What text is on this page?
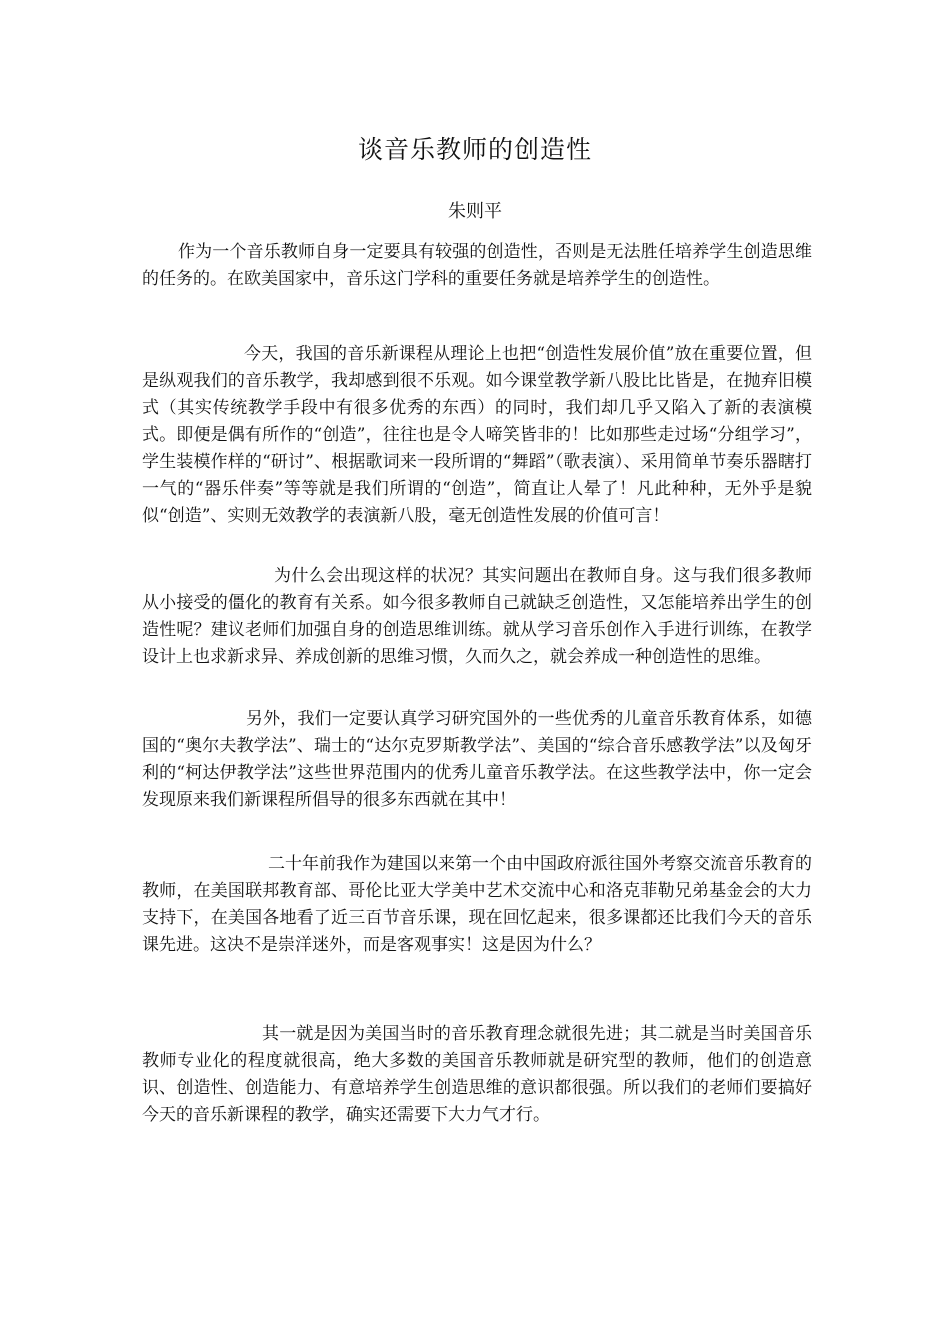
谈音乐教师的创造性
朱则平

作为一个音乐教师自身一定要具有较强的创造性，否则是无法胜任培养学生创造思维的任务的。在欧美国家中，音乐这门学科的重要任务就是培养学生的创造性。

今天，我国的音乐新课程从理论上也把“创造性发展价值”放在重要位置，但是纵观我们的音乐教学，我却感到很不乐观。如今课堂教学新八股比比皆是，在抛弃旧模式（其实传统教学手段中有很多优秀的东西）的同时，我们却几乎又陷入了新的表演模式。即便是偶有所作的“创造”，往往也是令人啼笑皆非的！比如那些走过场“分组学习”，学生装模作样的“研讨”、根据歌词来一段所谓的“舞蹈”（歌表演）、采用简单节奏乐器瞎打一气的“器乐伴奏”等等就是我们所谓的“创造”，简直让人晕了！凡此种种，无外乎是貌似“创造”、实则无效教学的表演新八股，毫无创造性发展的价值可言！

为什么会出现这样的状况？其实问题出在教师自身。这与我们很多教师从小接受的僵化的教育有关系。如今很多教师自己就缺乏创造性，又怎能培养出学生的创造性呢？建议老师们加强自身的创造思维训练。就从学习音乐创作入手进行训练，在教学设计上也求新求异、养成创新的思维习惯，久而久之，就会养成一种创造性的思维。

另外，我们一定要认真学习研究国外的一些优秀的儿童音乐教育体系，如德国的“奥尔夫教学法”、瑞士的“达尔克罗斯教学法”、美国的“综合音乐感教学法”以及匈牙利的“柯达伊教学法”这些世界范围内的优秀儿童音乐教学法。在这些教学法中，你一定会发现原来我们新课程所倡导的很多东西就在其中！

二十年前我作为建国以来第一个由中国政府派往国外考察交流音乐教育的教师，在美国联邦教育部、哥伦比亚大学美中艺术交流中心和洛克菲勒兄弟基金会的大力支持下，在美国各地看了近三百节音乐课，现在回忆起来，很多课都还比我们今天的音乐课先进。这决不是崇洋迷外，而是客观事实！这是因为什么？

其一就是因为美国当时的音乐教育理念就很先进；其二就是当时美国音乐教师专业化的程度就很高，绝大多数的美国音乐教师就是研究型的教师，他们的创造意识、创造性、创造能力、有意培养学生创造思维的意识都很强。所以我们的老师们要搞好今天的音乐新课程的教学，确实还需要下大力气才行。
